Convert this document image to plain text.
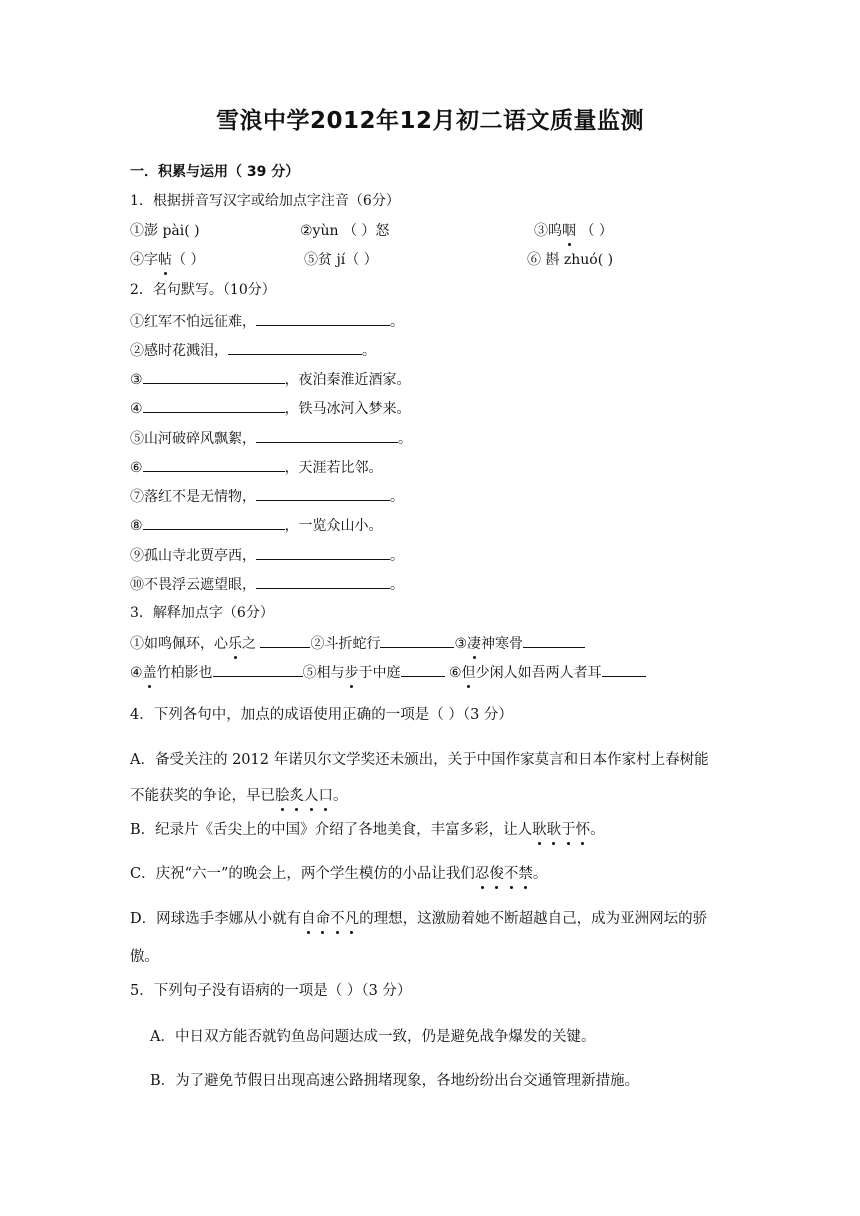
雪浪中学2012年12月初二语文质量监测
一．积累与运用（ 39 分）
1．根据拼音写汉字或给加点字注音（6分）
①澎 pài( )	②yùn （ ）怒	③呜咽 （ ）
④字帖（ ）	⑤贫 jí（ ）	⑥ 斟 zhuó( )
2．名句默写。（10分）
①红军不怕远征难，	。
②感时花溅泪，	。
③	，夜泊秦淮近酒家。
④	，铁马冰河入梦来。
⑤山河破碎风飘絮，	。
⑥	，天涯若比邻。
⑦落红不是无情物，	。
⑧	，一览众山小。
⑨孤山寺北贾亭西，	。
⑩不畏浮云遮望眼，	。
3．解释加点字（6分）
①如鸣佩环，心乐之	②斗折蛇行	③凄神寒骨
④盖竹柏影也	⑤相与步于中庭	⑥但少闲人如吾两人者耳
4．下列各句中，加点的成语使用正确的一项是（ ）（3 分）
A．备受关注的 2012 年诺贝尔文学奖还未颁出，关于中国作家莫言和日本作家村上春树能
不能获奖的争论，早已脍炙人口。
B．纪录片《舌尖上的中国》介绍了各地美食，丰富多彩，让人耿耿于怀。
C．庆祝“六一”的晚会上，两个学生模仿的小品让我们忍俊不禁。
D．网球选手李娜从小就有自命不凡的理想，这激励着她不断超越自己，成为亚洲网坛的骄
傲。
5．下列句子没有语病的一项是（ ）（3 分）
A．中日双方能否就钓鱼岛问题达成一致，仍是避免战争爆发的关键。
B．为了避免节假日出现高速公路拥堵现象，各地纷纷出台交通管理新措施。
